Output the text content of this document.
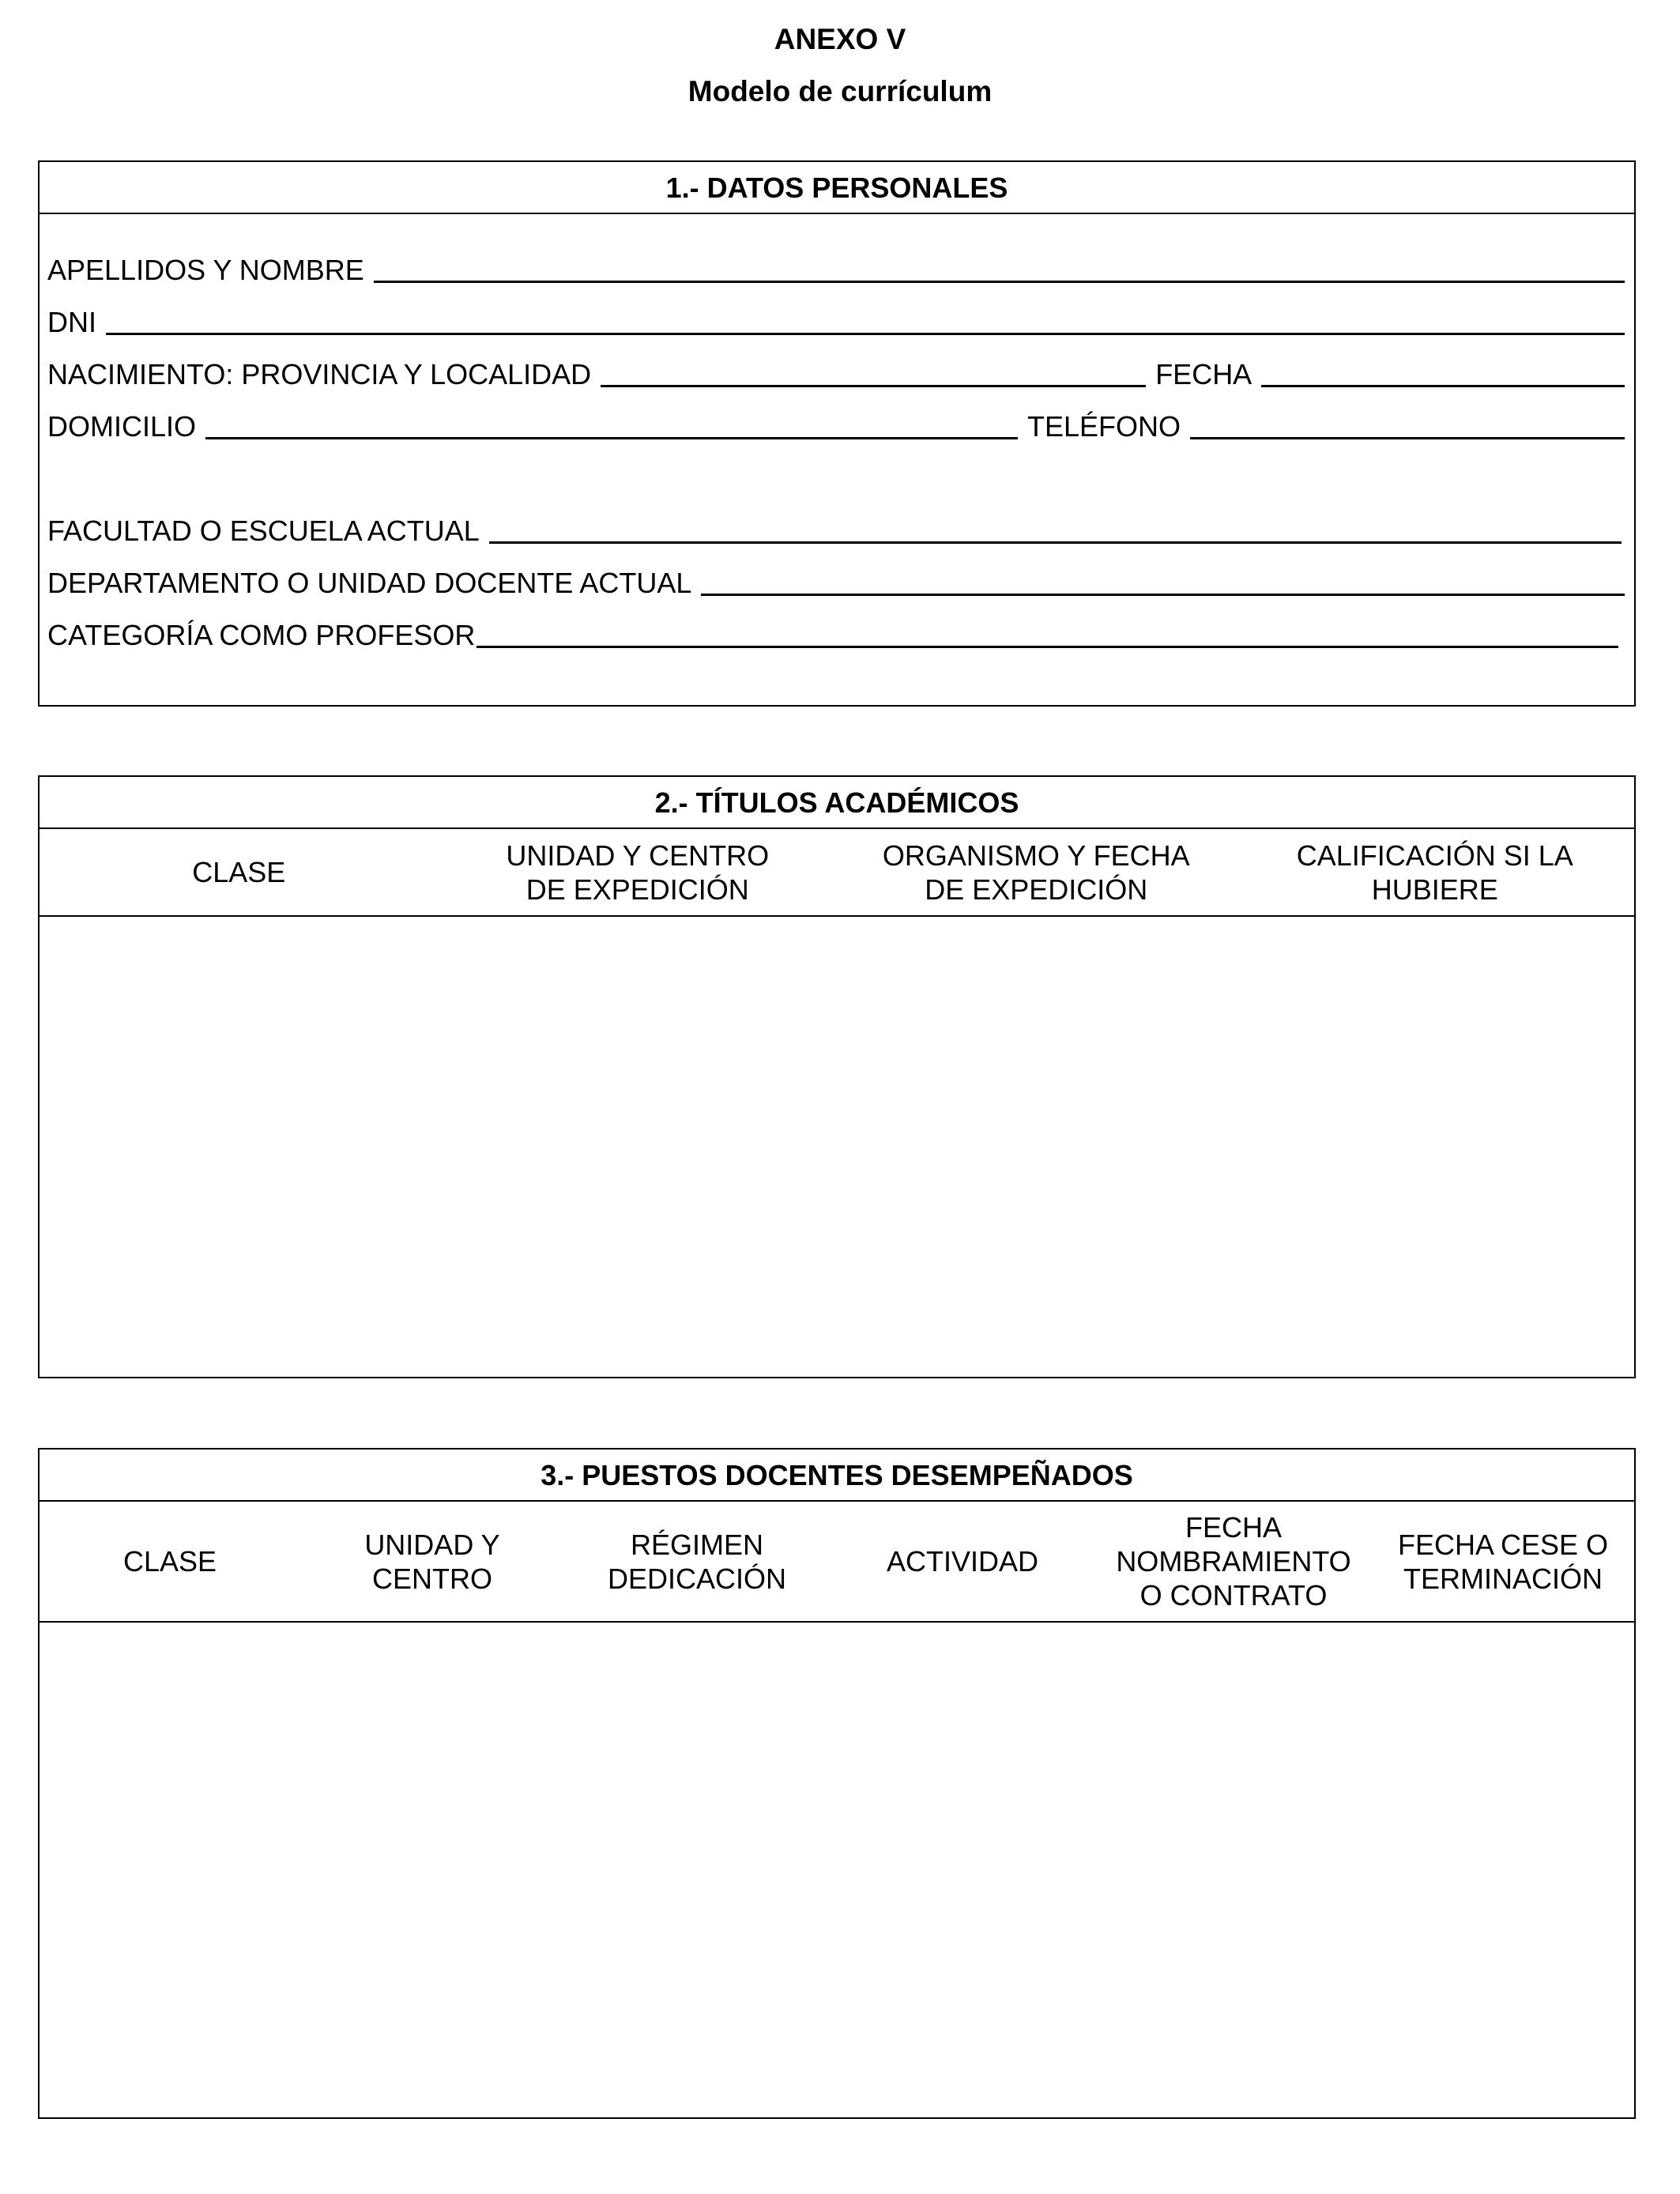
ANEXO V
Modelo de currículum
1.- DATOS PERSONALES
APELLIDOS Y NOMBRE
DNI
NACIMIENTO: PROVINCIA Y LOCALIDAD	FECHA
DOMICILIO	TELÉFONO
FACULTAD O ESCUELA ACTUAL
DEPARTAMENTO O UNIDAD DOCENTE ACTUAL
CATEGORÍA COMO PROFESOR
2.- TÍTULOS ACADÉMICOS
CLASE
UNIDAD Y CENTRO
DE EXPEDICIÓN
ORGANISMO Y FECHA
DE EXPEDICIÓN
CALIFICACIÓN SI LA
HUBIERE
3.- PUESTOS DOCENTES DESEMPEÑADOS
CLASE
UNIDAD Y
CENTRO
RÉGIMEN
DEDICACIÓN
ACTIVIDAD
FECHA
NOMBRAMIENTO
O CONTRATO
FECHA CESE O
TERMINACIÓN
